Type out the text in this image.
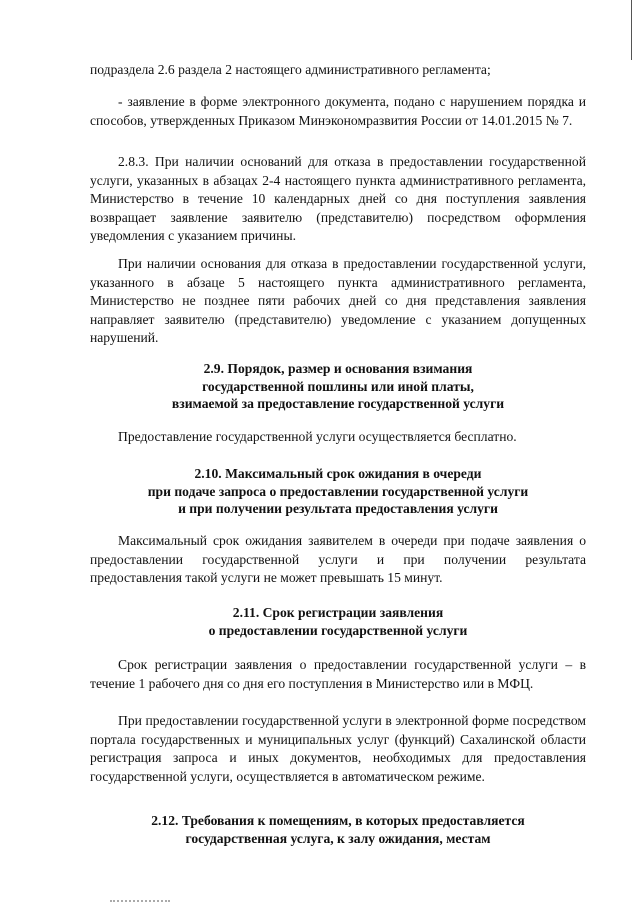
подраздела 2.6 раздела 2 настоящего административного регламента;

- заявление в форме электронного документа, подано с нарушением порядка и способов, утвержденных Приказом Минэкономразвития России от 14.01.2015 № 7.

2.8.3. При наличии оснований для отказа в предоставлении государственной услуги, указанных в абзацах 2-4 настоящего пункта административного регламента, Министерство в течение 10 календарных дней со дня поступления заявления возвращает заявление заявителю (представителю) посредством оформления уведомления с указанием причины.

При наличии основания для отказа в предоставлении государственной услуги, указанного в абзаце 5 настоящего пункта административного регламента, Министерство не позднее пяти рабочих дней со дня представления заявления направляет заявителю (представителю) уведомление с указанием допущенных нарушений.

2.9. Порядок, размер и основания взимания
государственной пошлины или иной платы,
взимаемой за предоставление государственной услуги

Предоставление государственной услуги осуществляется бесплатно.

2.10. Максимальный срок ожидания в очереди
при подаче запроса о предоставлении государственной услуги
и при получении результата предоставления услуги

Максимальный срок ожидания заявителем в очереди при подаче заявления о предоставлении государственной услуги и при получении результата предоставления такой услуги не может превышать 15 минут.

2.11. Срок регистрации заявления
о предоставлении государственной услуги

Срок регистрации заявления о предоставлении государственной услуги – в течение 1 рабочего дня со дня его поступления в Министерство или в МФЦ.

При предоставлении государственной услуги в электронной форме посредством портала государственных и муниципальных услуг (функций) Сахалинской области регистрация запроса и иных документов, необходимых для предоставления государственной услуги, осуществляется в автоматическом режиме.

2.12. Требования к помещениям, в которых предоставляется
государственная услуга, к залу ожидания, местам
